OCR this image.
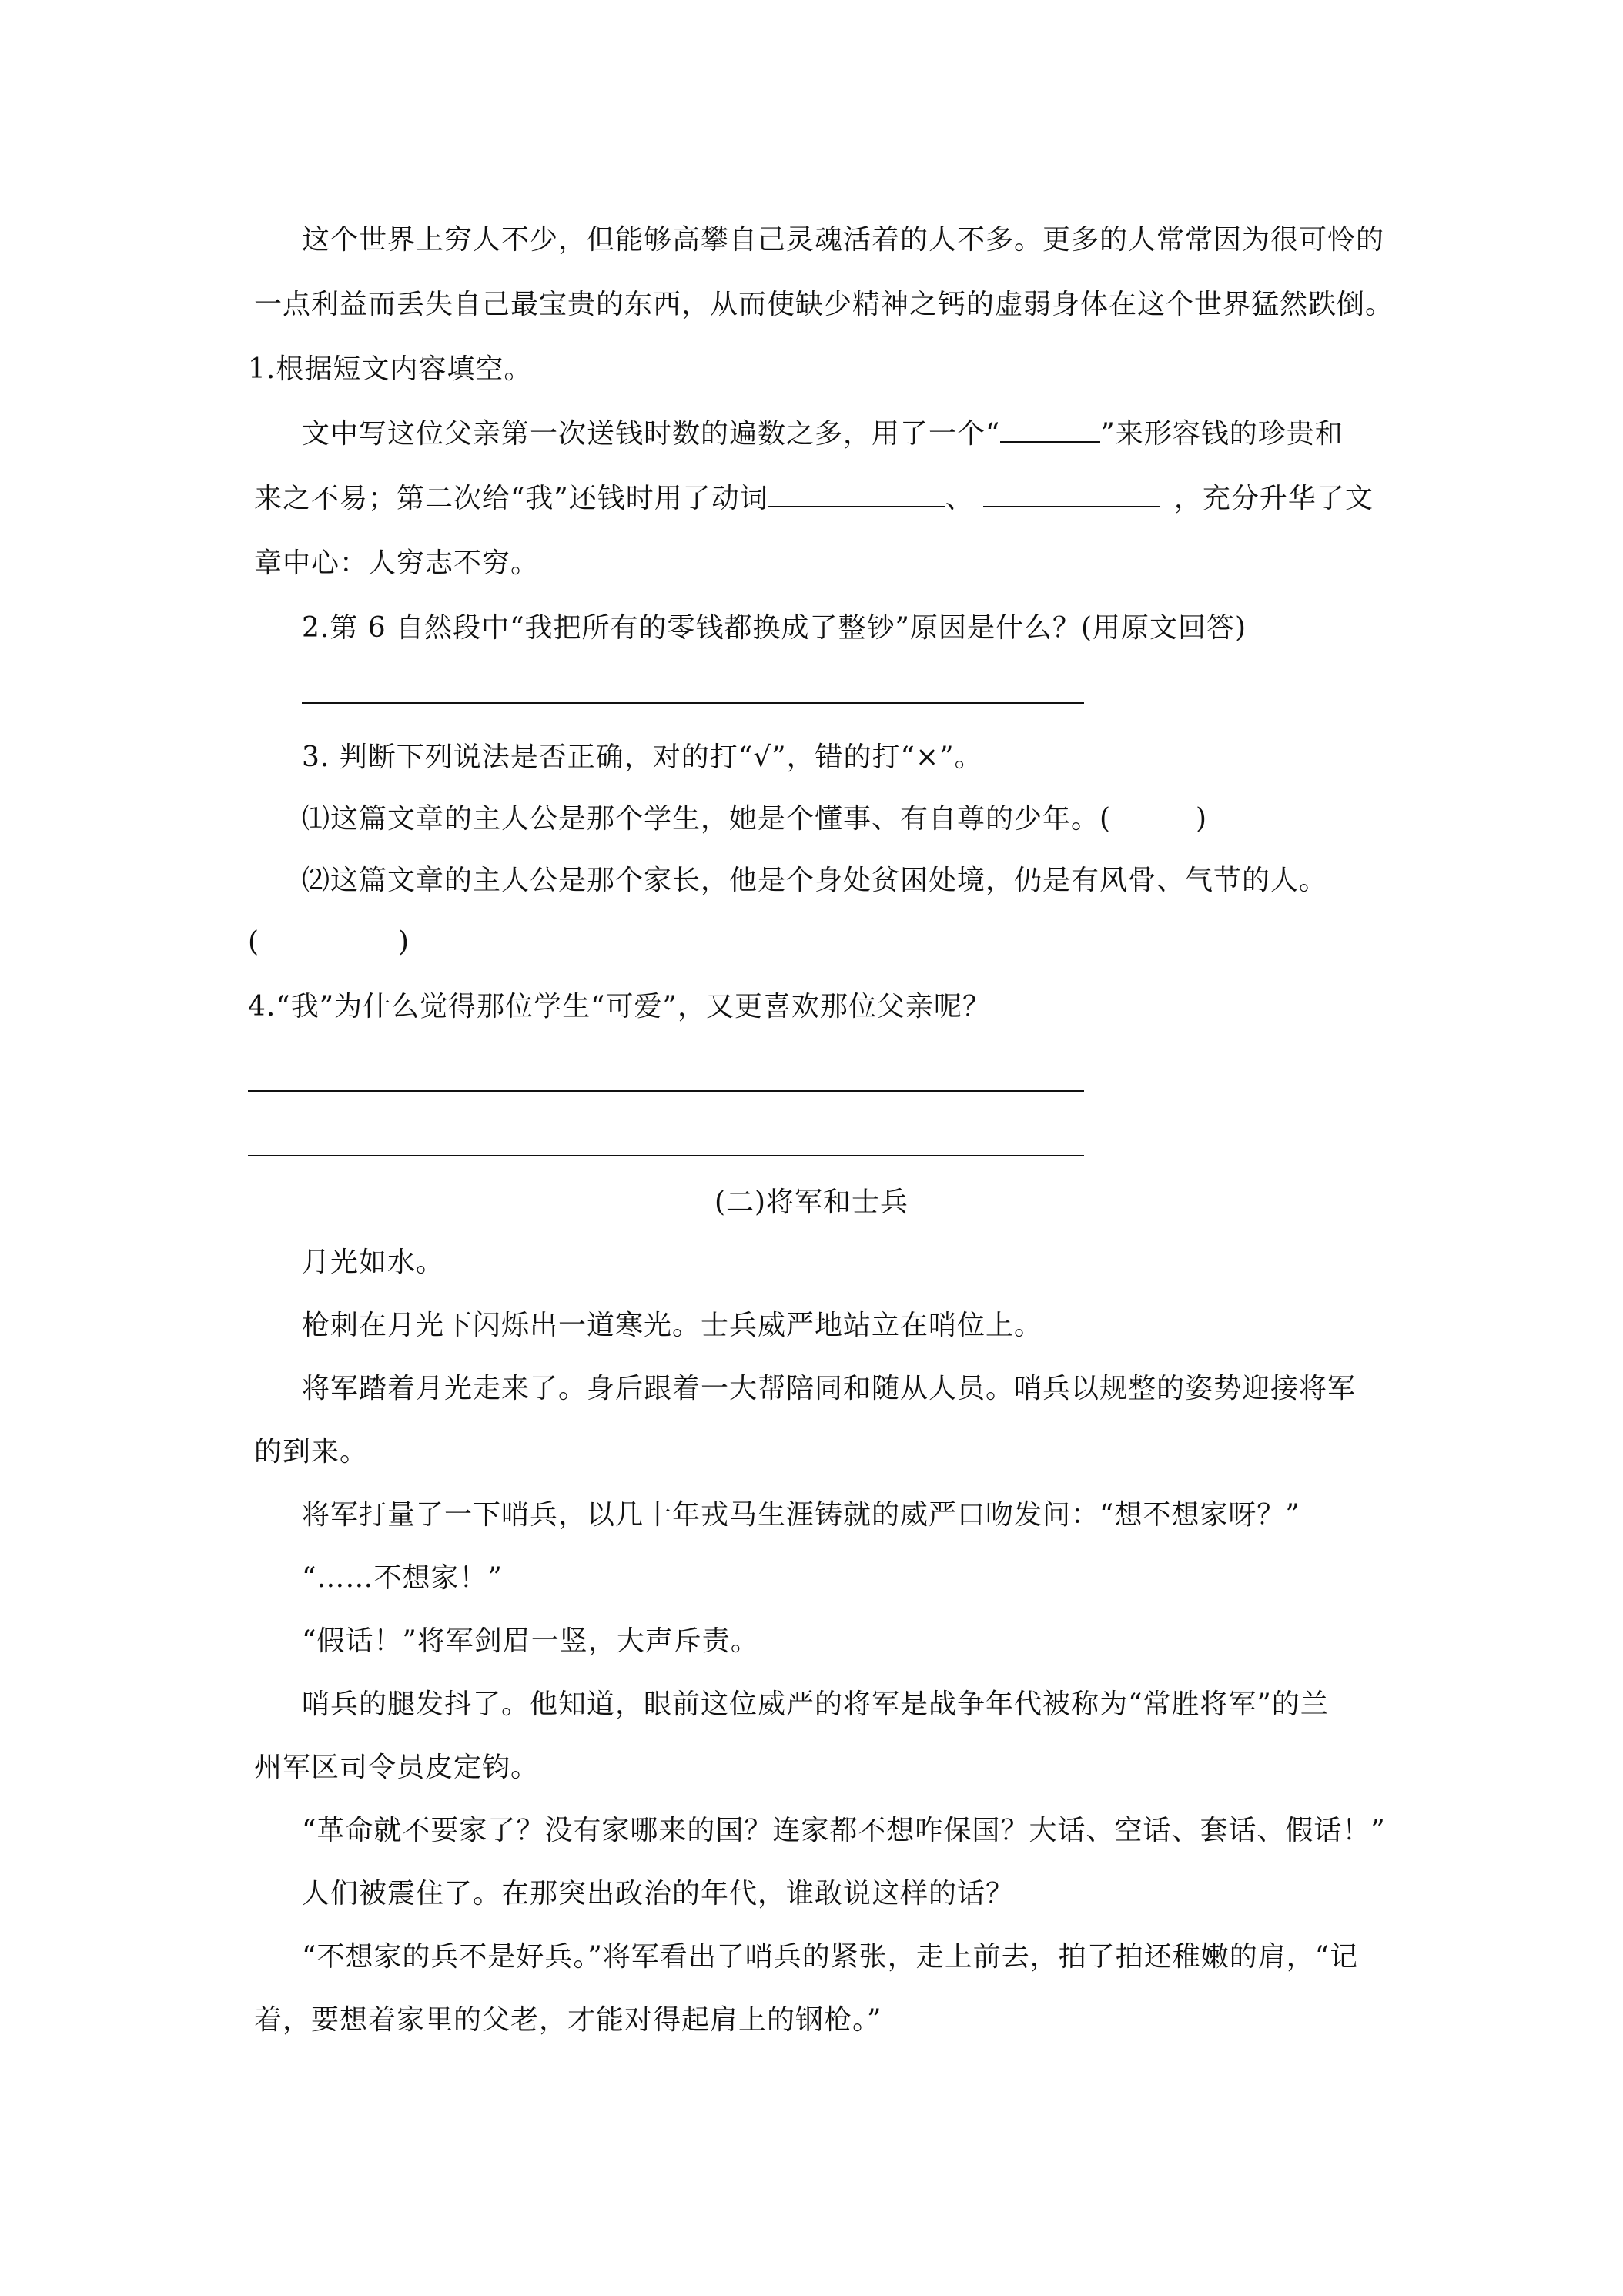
这个世界上穷人不少，但能够高攀自己灵魂活着的人不多。更多的人常常因为很可怜的
一点利益而丢失自己最宝贵的东西，从而使缺少精神之钙的虚弱身体在这个世界猛然跌倒。
1.根据短文内容填空。
文中写这位父亲第一次送钱时数的遍数之多，用了一个“	”来形容钱的珍贵和
来之不易；第二次给“我”还钱时用了动词	、	，充分升华了文
章中心：人穷志不穷。
2.第 6 自然段中“我把所有的零钱都换成了整钞”原因是什么？(用原文回答)
3. 判断下列说法是否正确，对的打“√”，错的打“×”。
⑴这篇文章的主人公是那个学生，她是个懂事、有自尊的少年。(	)
⑵这篇文章的主人公是那个家长，他是个身处贫困处境，仍是有风骨、气节的人。
(	)
4.“我”为什么觉得那位学生“可爱”，又更喜欢那位父亲呢？
(二)将军和士兵
月光如水。
枪刺在月光下闪烁出一道寒光。士兵威严地站立在哨位上。
将军踏着月光走来了。身后跟着一大帮陪同和随从人员。哨兵以规整的姿势迎接将军
的到来。
将军打量了一下哨兵，以几十年戎马生涯铸就的威严口吻发问：“想不想家呀？”
“……不想家！”
“假话！”将军剑眉一竖，大声斥责。
哨兵的腿发抖了。他知道，眼前这位威严的将军是战争年代被称为“常胜将军”的兰
州军区司令员皮定钧。
“革命就不要家了？没有家哪来的国？连家都不想咋保国？大话、空话、套话、假话！”
人们被震住了。在那突出政治的年代，谁敢说这样的话？
“不想家的兵不是好兵。”将军看出了哨兵的紧张，走上前去，拍了拍还稚嫩的肩，“记
着，要想着家里的父老，才能对得起肩上的钢枪。”
